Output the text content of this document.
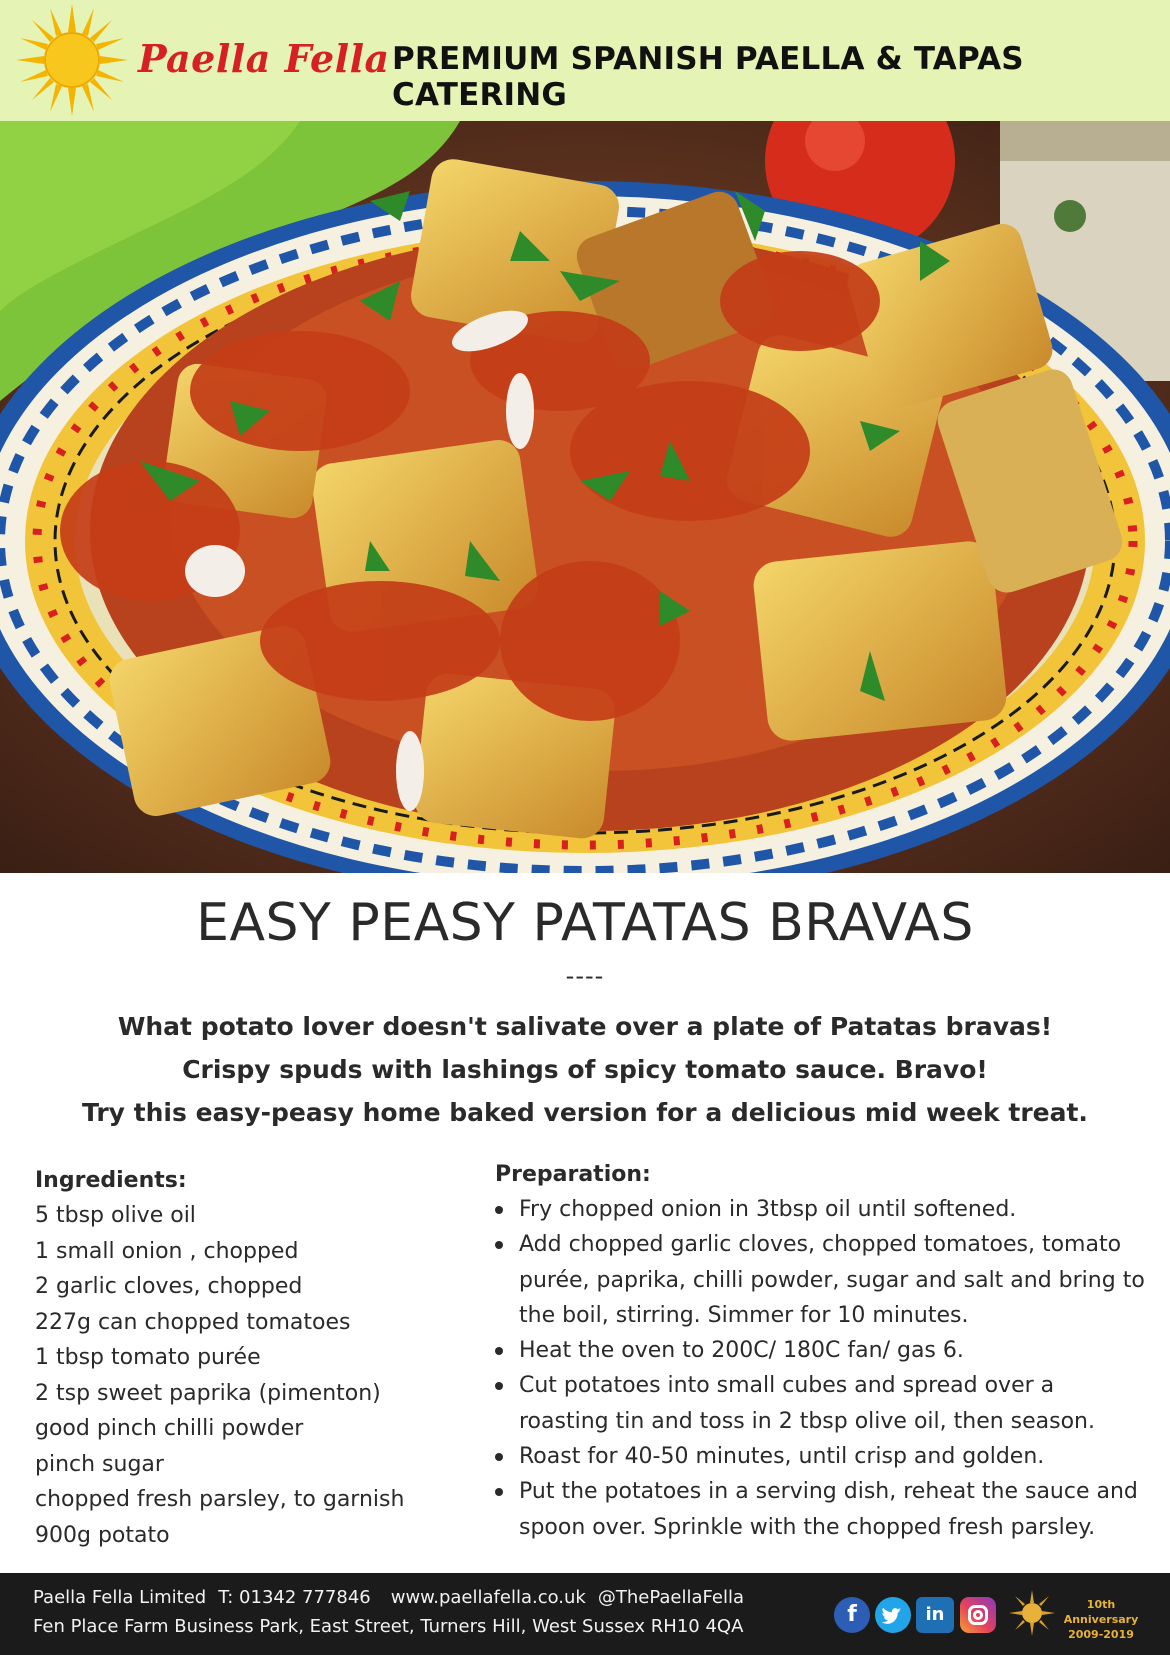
Paella Fella PREMIUM SPANISH PAELLA & TAPAS CATERING
EASY PEASY PATATAS BRAVAS
----
What potato lover doesn't salivate over a plate of Patatas bravas!
Crispy spuds with lashings of spicy tomato sauce. Bravo!
Try this easy-peasy home baked version for a delicious mid week treat.
Ingredients:
5 tbsp olive oil
1 small onion , chopped
2 garlic cloves, chopped
227g can chopped tomatoes
1 tbsp tomato purée
2 tsp sweet paprika (pimenton)
good pinch chilli powder
pinch sugar
chopped fresh parsley, to garnish
900g potato
Preparation:
Fry chopped onion in 3tbsp oil until softened.
Add chopped garlic cloves, chopped tomatoes, tomato purée, paprika, chilli powder, sugar and salt and bring to the boil, stirring. Simmer for 10 minutes.
Heat the oven to 200C/ 180C fan/ gas 6.
Cut potatoes into small cubes and spread over a roasting tin and toss in 2 tbsp olive oil, then season.
Roast for 40-50 minutes, until crisp and golden.
Put the potatoes in a serving dish, reheat the sauce and spoon over. Sprinkle with the chopped fresh parsley.
Paella Fella Limited T: 01342 777846 www.paellafella.co.uk @ThePaellaFella
Fen Place Farm Business Park, East Street, Turners Hill, West Sussex RH10 4QA	f	in	10th Anniversary
2009-2019
